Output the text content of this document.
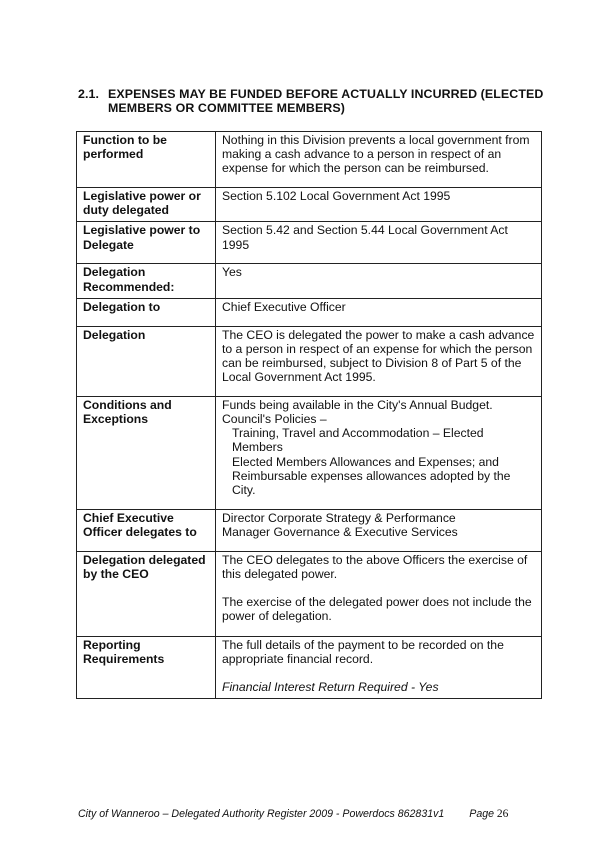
2.1. EXPENSES MAY BE FUNDED BEFORE ACTUALLY INCURRED (ELECTED MEMBERS OR COMMITTEE MEMBERS)
Function to be performed	Nothing in this Division prevents a local government from making a cash advance to a person in respect of an expense for which the person can be reimbursed.

Legislative power or duty delegated	Section 5.102 Local Government Act 1995

Legislative power to Delegate	Section 5.42 and Section 5.44 Local Government Act 1995

Delegation Recommended:	Yes

Delegation to	Chief Executive Officer

Delegation	The CEO is delegated the power to make a cash advance to a person in respect of an expense for which the person can be reimbursed, subject to Division 8 of Part 5 of the Local Government Act 1995.

Conditions and Exceptions	Funds being available in the City's Annual Budget.

Council's Policies –

Training, Travel and Accommodation – Elected Members

Elected Members Allowances and Expenses; and

Reimbursable expenses allowances adopted by the City.

Chief Executive Officer delegates to	Director Corporate Strategy & Performance

Manager Governance & Executive Services

Delegation delegated by the CEO	The CEO delegates to the above Officers the exercise of this delegated power.

The exercise of the delegated power does not include the power of delegation.

Reporting Requirements	The full details of the payment to be recorded on the appropriate financial record.

Financial Interest Return Required - Yes

City of Wanneroo – Delegated Authority Register 2009 - Powerdocs 862831v1 Page 26
